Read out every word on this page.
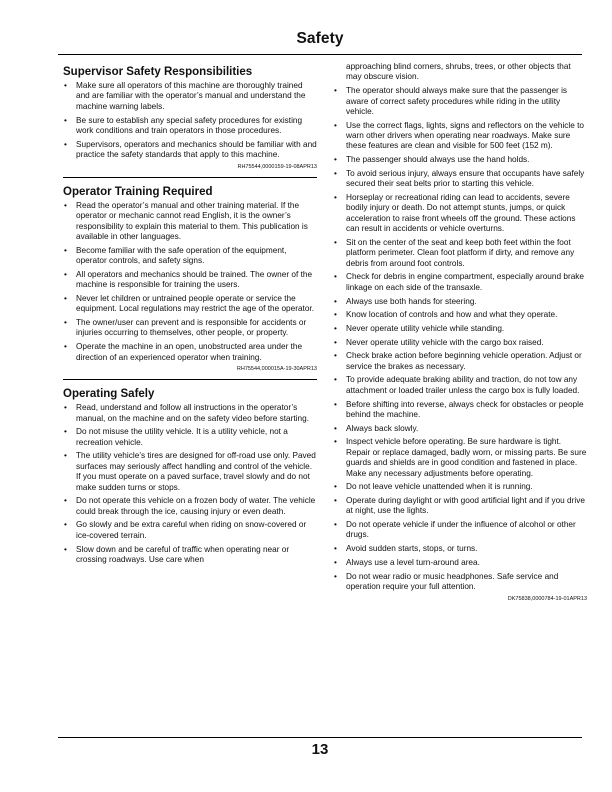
Safety
Supervisor Safety Responsibilities
• Make sure all operators of this machine are thoroughly trained and are familiar with the operator’s manual and understand the machine warning labels.
• Be sure to establish any special safety procedures for existing work conditions and train operators in those procedures.
• Supervisors, operators and mechanics should be familiar with and practice the safety standards that apply to this machine.
RH75544,0000159-19-08APR13
Operator Training Required
• Read the operator’s manual and other training material. If the operator or mechanic cannot read English, it is the owner’s responsibility to explain this material to them. This publication is available in other languages.
• Become familiar with the safe operation of the equipment, operator controls, and safety signs.
• All operators and mechanics should be trained. The owner of the machine is responsible for training the users.
• Never let children or untrained people operate or service the equipment. Local regulations may restrict the age of the operator.
• The owner/user can prevent and is responsible for accidents or injuries occurring to themselves, other people, or property.
• Operate the machine in an open, unobstructed area under the direction of an experienced operator when training.
RH75544,000015A-19-30APR13
Operating Safely
• Read, understand and follow all instructions in the operator’s manual, on the machine and on the safety video before starting.
• Do not misuse the utility vehicle. It is a utility vehicle, not a recreation vehicle.
• The utility vehicle’s tires are designed for off-road use only. Paved surfaces may seriously affect handling and control of the vehicle. If you must operate on a paved surface, travel slowly and do not make sudden turns or stops.
• Do not operate this vehicle on a frozen body of water. The vehicle could break through the ice, causing injury or even death.
• Go slowly and be extra careful when riding on snow-covered or ice-covered terrain.
• Slow down and be careful of traffic when operating near or crossing roadways. Use care when
approaching blind corners, shrubs, trees, or other objects that may obscure vision.
• The operator should always make sure that the passenger is aware of correct safety procedures while riding in the utility vehicle.
• Use the correct flags, lights, signs and reflectors on the vehicle to warn other drivers when operating near roadways. Make sure these features are clean and visible for 500 feet (152 m).
• The passenger should always use the hand holds.
• To avoid serious injury, always ensure that occupants have safely secured their seat belts prior to starting this vehicle.
• Horseplay or recreational riding can lead to accidents, severe bodily injury or death. Do not attempt stunts, jumps, or quick acceleration to raise front wheels off the ground. These actions can result in accidents or vehicle overturns.
• Sit on the center of the seat and keep both feet within the foot platform perimeter. Clean foot platform if dirty, and remove any debris from around foot controls.
• Check for debris in engine compartment, especially around brake linkage on each side of the transaxle.
• Always use both hands for steering.
• Know location of controls and how and what they operate.
• Never operate utility vehicle while standing.
• Never operate utility vehicle with the cargo box raised.
• Check brake action before beginning vehicle operation. Adjust or service the brakes as necessary.
• To provide adequate braking ability and traction, do not tow any attachment or loaded trailer unless the cargo box is fully loaded.
• Before shifting into reverse, always check for obstacles or people behind the machine.
• Always back slowly.
• Inspect vehicle before operating. Be sure hardware is tight. Repair or replace damaged, badly worn, or missing parts. Be sure guards and shields are in good condition and fastened in place. Make any necessary adjustments before operating.
• Do not leave vehicle unattended when it is running.
• Operate during daylight or with good artificial light and if you drive at night, use the lights.
• Do not operate vehicle if under the influence of alcohol or other drugs.
• Avoid sudden starts, stops, or turns.
• Always use a level turn-around area.
• Do not wear radio or music headphones. Safe service and operation require your full attention.
DK75838,0000784-19-01APR13
13
